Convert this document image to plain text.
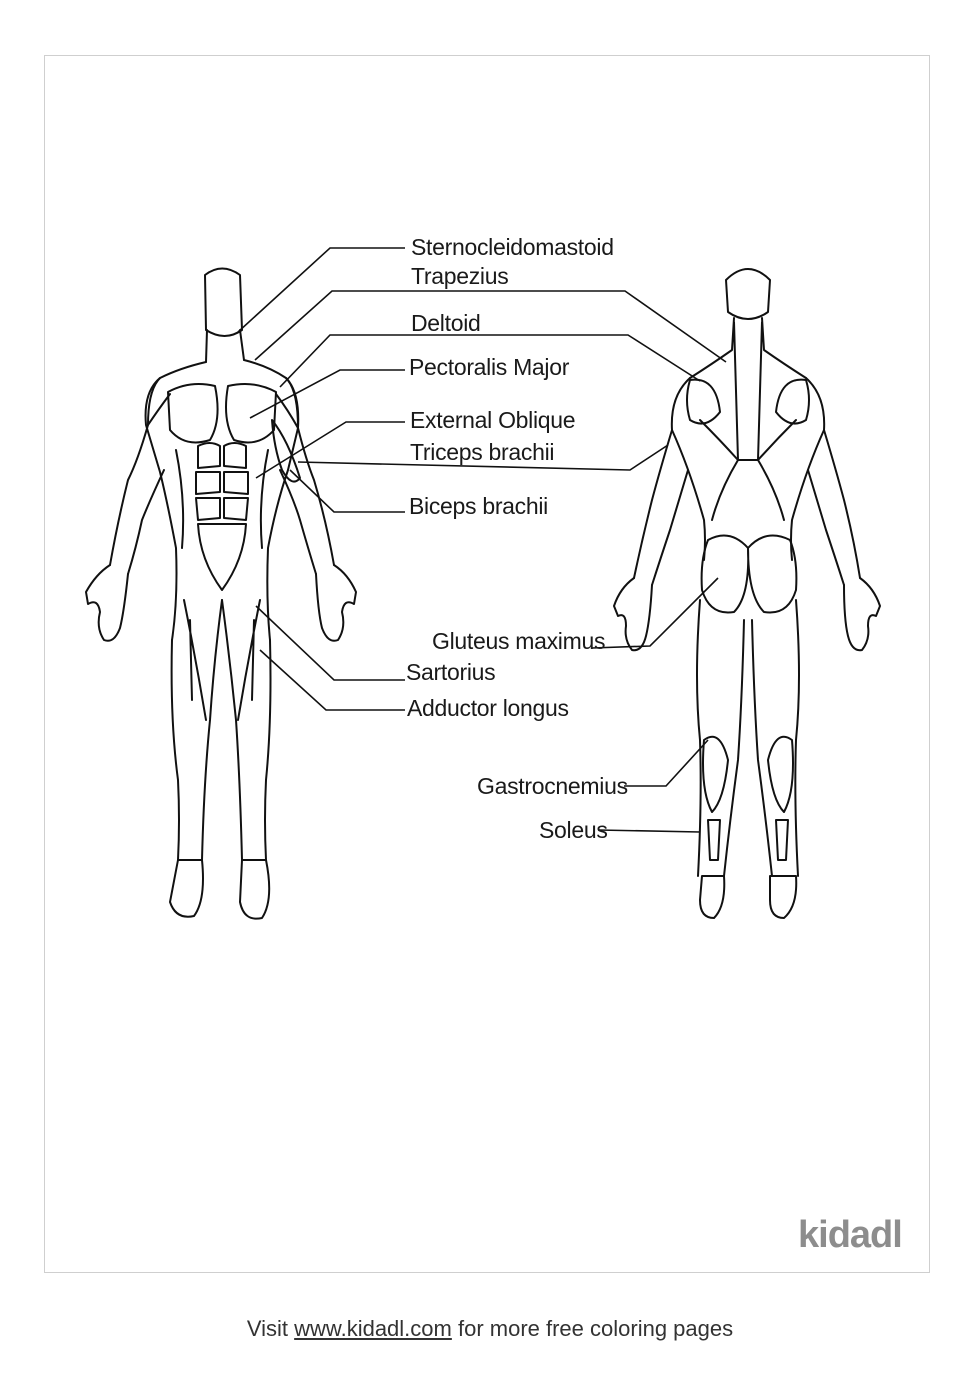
Sternocleidomastoid
Trapezius
Deltoid
Pectoralis Major
External Oblique
Triceps brachii
Biceps brachii
Gluteus maximus
Sartorius
Adductor longus
Gastrocnemius
Soleus
kidadl
Visit www.kidadl.com for more free coloring pages
